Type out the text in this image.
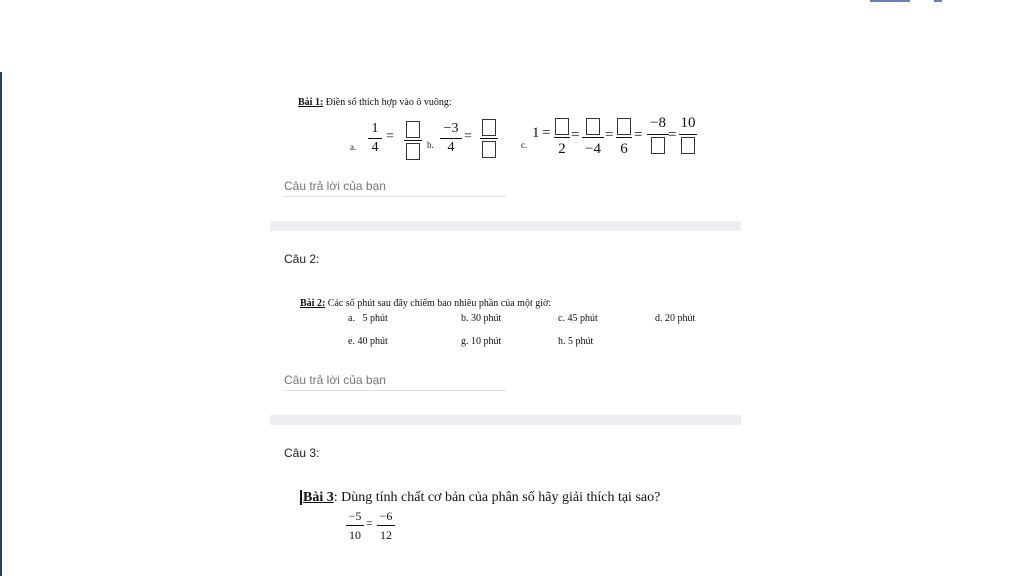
Bài 1: Điền số thích hợp vào ô vuông:
a.
1
4
=
b.
−3
4
=
c.
1 =
2
=
−4
=
6
=
−8
=
10
Câu trả lời của bạn
Câu 2:
Bài 2: Các số phút sau đây chiếm bao nhiêu phần của một giờ:
a.   5 phút	b. 30 phút	c. 45 phút	d. 20 phút
e. 40 phút	g. 10 phút	h. 5 phút
Câu trả lời của bạn
Câu 3:
Bài 3: Dùng tính chất cơ bản của phân số hãy giải thích tại sao?
−5
10
= −6
12
